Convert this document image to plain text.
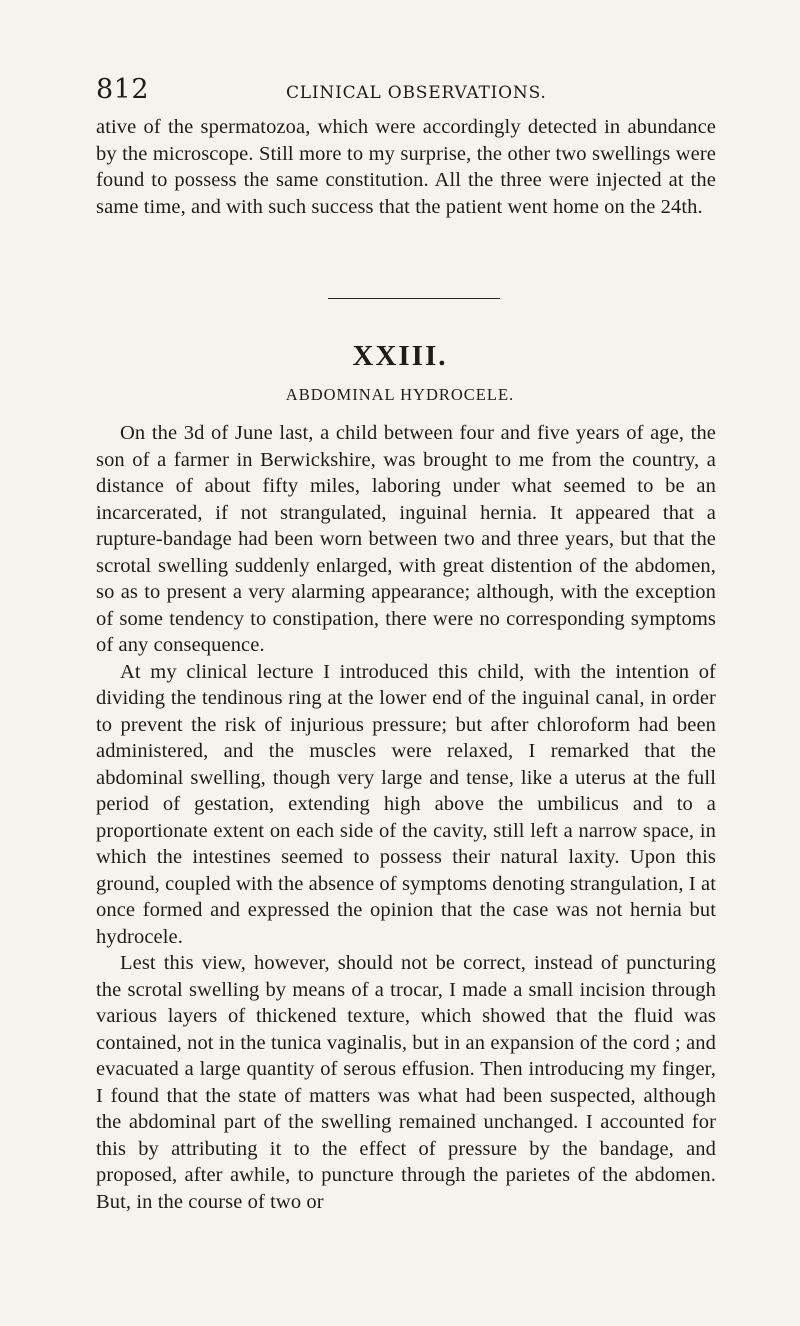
812	CLINICAL OBSERVATIONS.

ative of the spermatozoa, which were accordingly detected in abundance by the microscope. Still more to my surprise, the other two swellings were found to possess the same constitution. All the three were injected at the same time, and with such success that the patient went home on the 24th.

XXIII.
ABDOMINAL HYDROCELE.

On the 3d of June last, a child between four and five years of age, the son of a farmer in Berwickshire, was brought to me from the country, a distance of about fifty miles, laboring under what seemed to be an incarcerated, if not strangulated, inguinal hernia. It appeared that a rupture-bandage had been worn between two and three years, but that the scrotal swelling suddenly enlarged, with great distention of the abdomen, so as to present a very alarming appearance; although, with the exception of some tendency to constipation, there were no corresponding symptoms of any consequence.

At my clinical lecture I introduced this child, with the intention of dividing the tendinous ring at the lower end of the inguinal canal, in order to prevent the risk of injurious pressure; but after chloroform had been administered, and the muscles were relaxed, I remarked that the abdominal swelling, though very large and tense, like a uterus at the full period of gestation, extending high above the umbilicus and to a proportionate extent on each side of the cavity, still left a narrow space, in which the intestines seemed to possess their natural laxity. Upon this ground, coupled with the absence of symptoms denoting strangulation, I at once formed and expressed the opinion that the case was not hernia but hydrocele.

Lest this view, however, should not be correct, instead of puncturing the scrotal swelling by means of a trocar, I made a small incision through various layers of thickened texture, which showed that the fluid was contained, not in the tunica vaginalis, but in an expansion of the cord ; and evacuated a large quantity of serous effusion. Then introducing my finger, I found that the state of matters was what had been suspected, although the abdominal part of the swelling remained unchanged. I accounted for this by attributing it to the effect of pressure by the bandage, and proposed, after awhile, to puncture through the parietes of the abdomen. But, in the course of two or
